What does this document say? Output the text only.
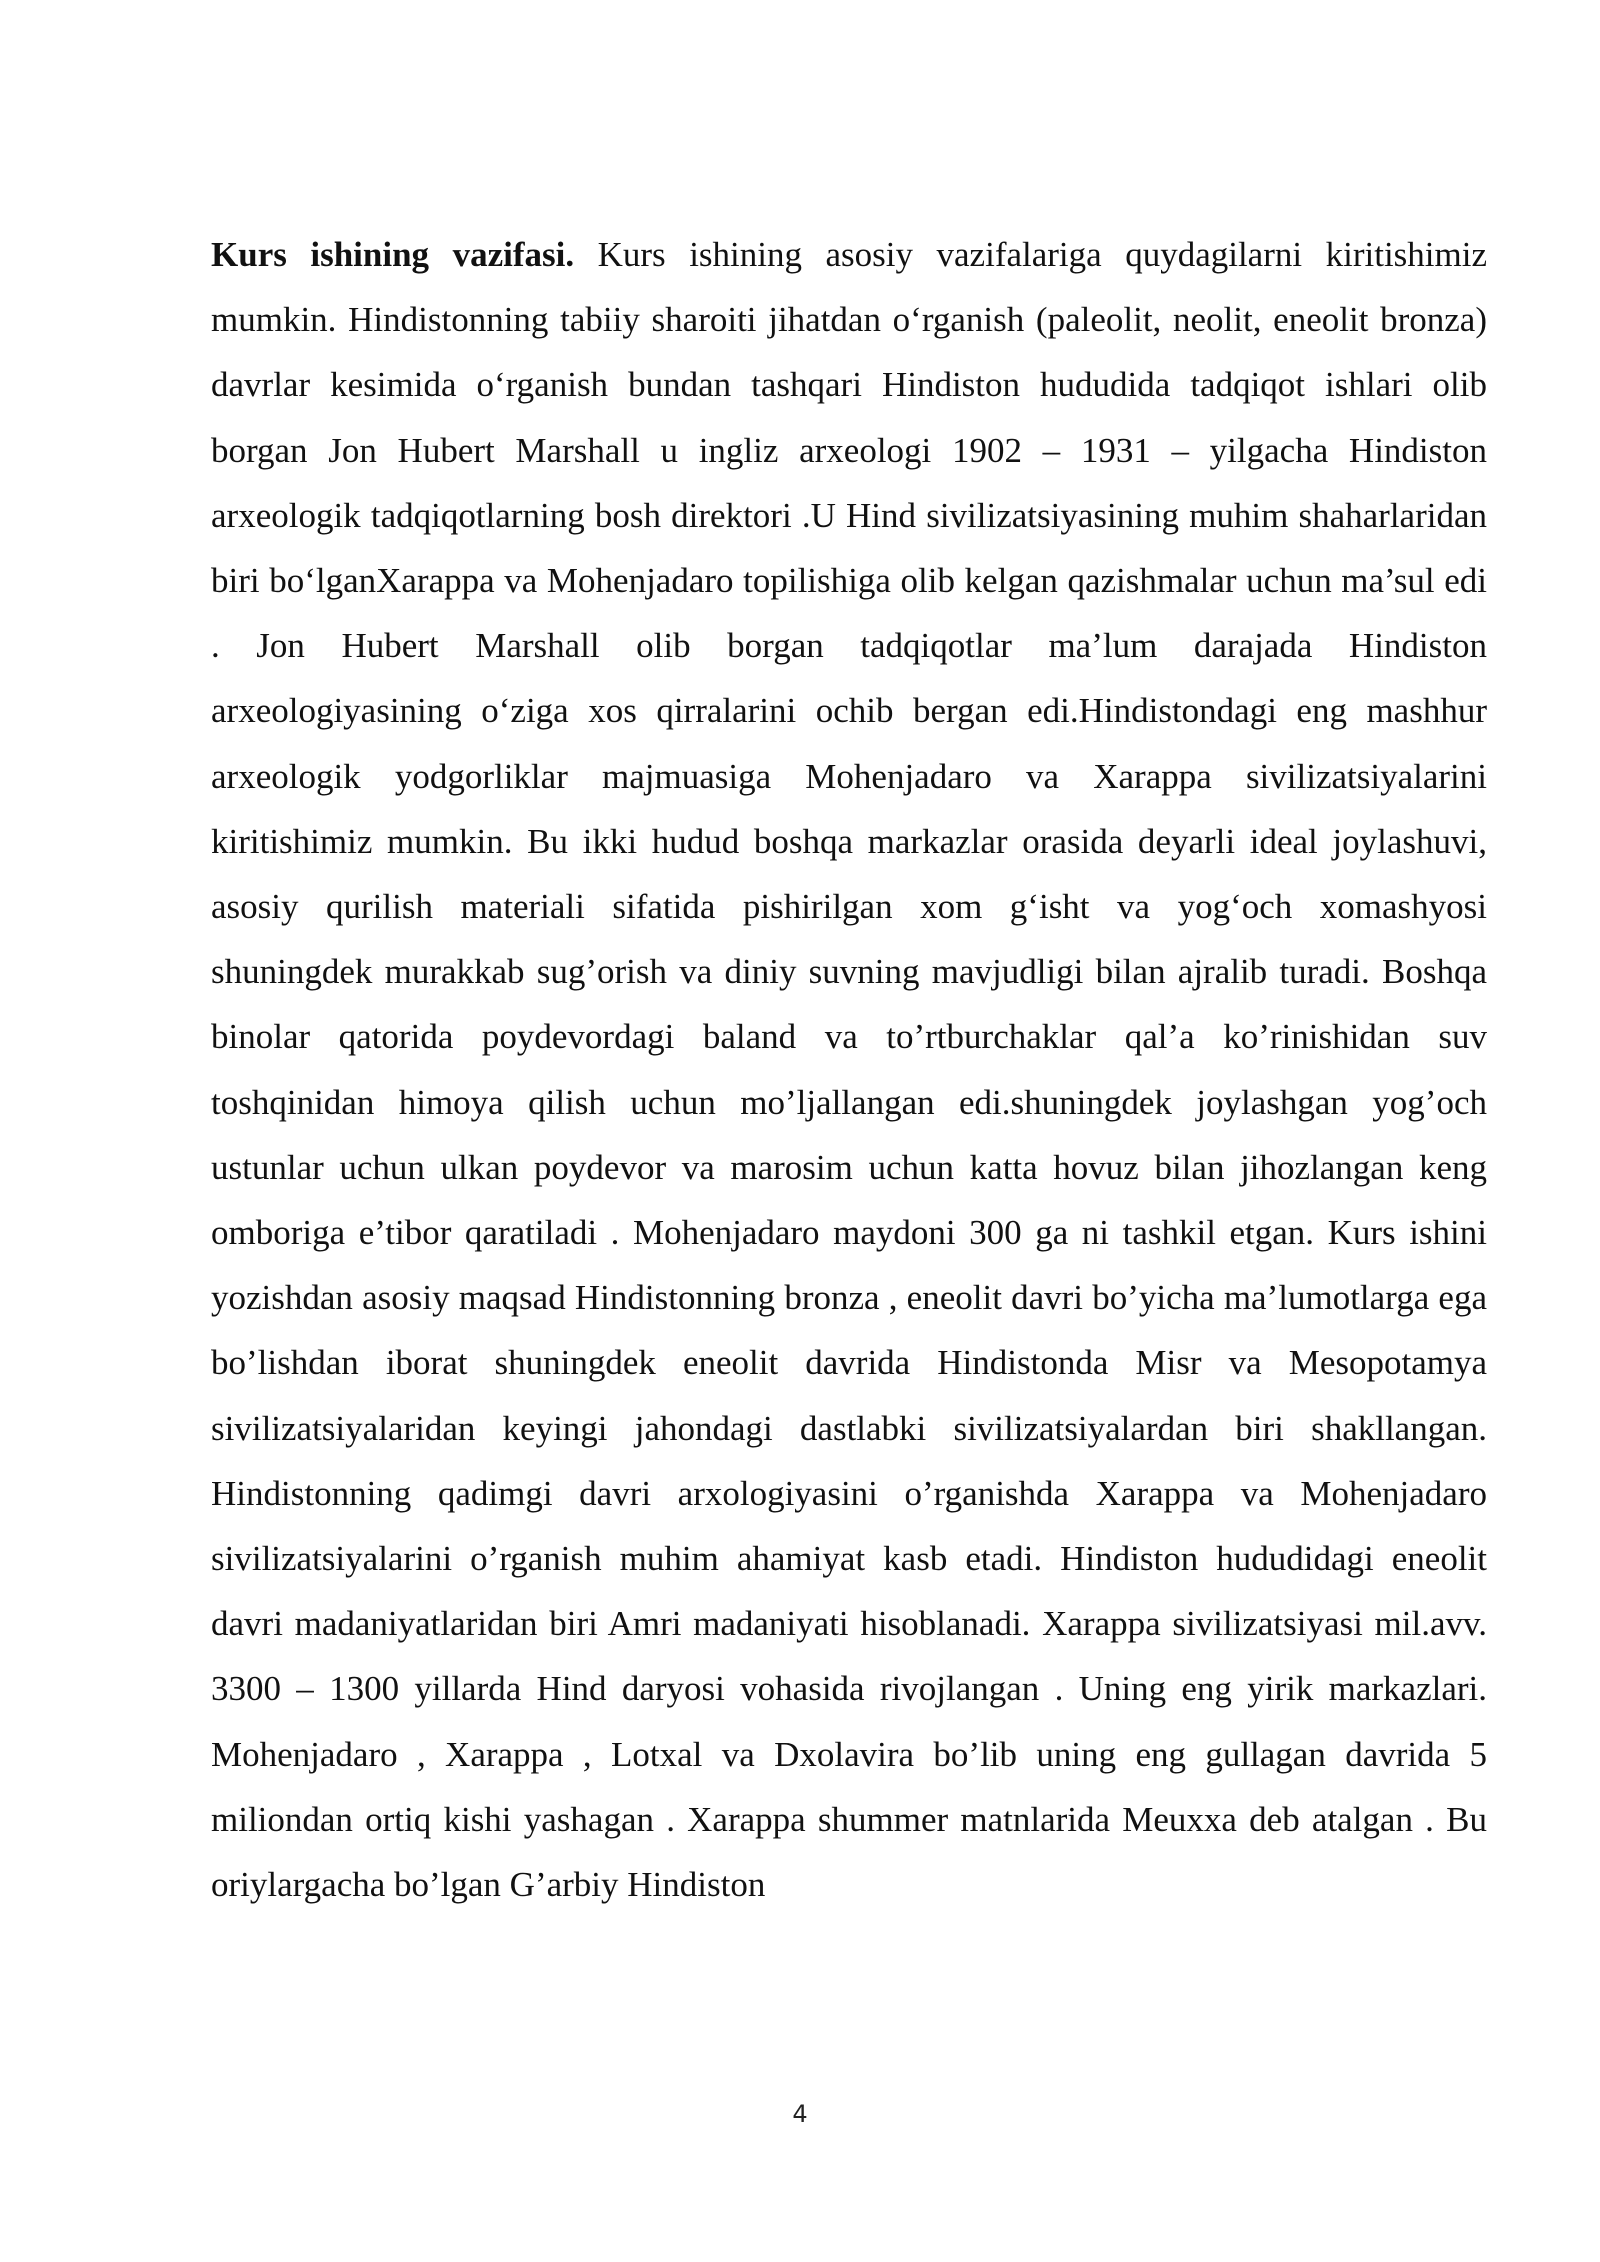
Kurs ishining vazifasi. Kurs ishining asosiy vazifalariga quydagilarni kiritishimiz mumkin. Hindistonning tabiiy sharoiti jihatdan o‘rganish (paleolit, neolit, eneolit bronza) davrlar kesimida o‘rganish bundan tashqari Hindiston hududida tadqiqot ishlari olib borgan Jon Hubert Marshall u ingliz arxeologi 1902 – 1931 – yilgacha Hindiston arxeologik tadqiqotlarning bosh direktori .U Hind sivilizatsiyasining muhim shaharlaridan biri bo‘lganXarappa va Mohenjadaro topilishiga olib kelgan qazishmalar uchun ma’sul edi . Jon Hubert Marshall olib borgan tadqiqotlar ma’lum darajada Hindiston arxeologiyasining o‘ziga xos qirralarini ochib bergan edi.Hindistondagi eng mashhur arxeologik yodgorliklar majmuasiga Mohenjadaro va Xarappa sivilizatsiyalarini kiritishimiz mumkin. Bu ikki hudud boshqa markazlar orasida deyarli ideal joylashuvi, asosiy qurilish materiali sifatida pishirilgan xom g‘isht va yog‘och xomashyosi shuningdek murakkab sug’orish va diniy suvning mavjudligi bilan ajralib turadi. Boshqa binolar qatorida poydevordagi baland va to’rtburchaklar qal’a ko’rinishidan suv toshqinidan himoya qilish uchun mo’ljallangan edi.shuningdek joylashgan yog’och ustunlar uchun ulkan poydevor va marosim uchun katta hovuz bilan jihozlangan keng omboriga e’tibor qaratiladi . Mohenjadaro maydoni 300 ga ni tashkil etgan. Kurs ishini yozishdan asosiy maqsad Hindistonning bronza , eneolit davri bo’yicha ma’lumotlarga ega bo’lishdan iborat shuningdek eneolit davrida Hindistonda Misr va Mesopotamya sivilizatsiyalaridan keyingi jahondagi dastlabki sivilizatsiyalardan biri shakllangan. Hindistonning qadimgi davri arxologiyasini o’rganishda Xarappa va Mohenjadaro sivilizatsiyalarini o’rganish muhim ahamiyat kasb etadi. Hindiston hududidagi eneolit davri madaniyatlaridan biri Amri madaniyati hisoblanadi. Xarappa sivilizatsiyasi mil.avv. 3300 – 1300 yillarda Hind daryosi vohasida rivojlangan . Uning eng yirik markazlari. Mohenjadaro , Xarappa , Lotxal va Dxolavira bo’lib uning eng gullagan davrida 5 miliondan ortiq kishi yashagan . Xarappa shummer matnlarida Meuxxa deb atalgan . Bu oriylargacha bo’lgan G’arbiy Hindiston

4
